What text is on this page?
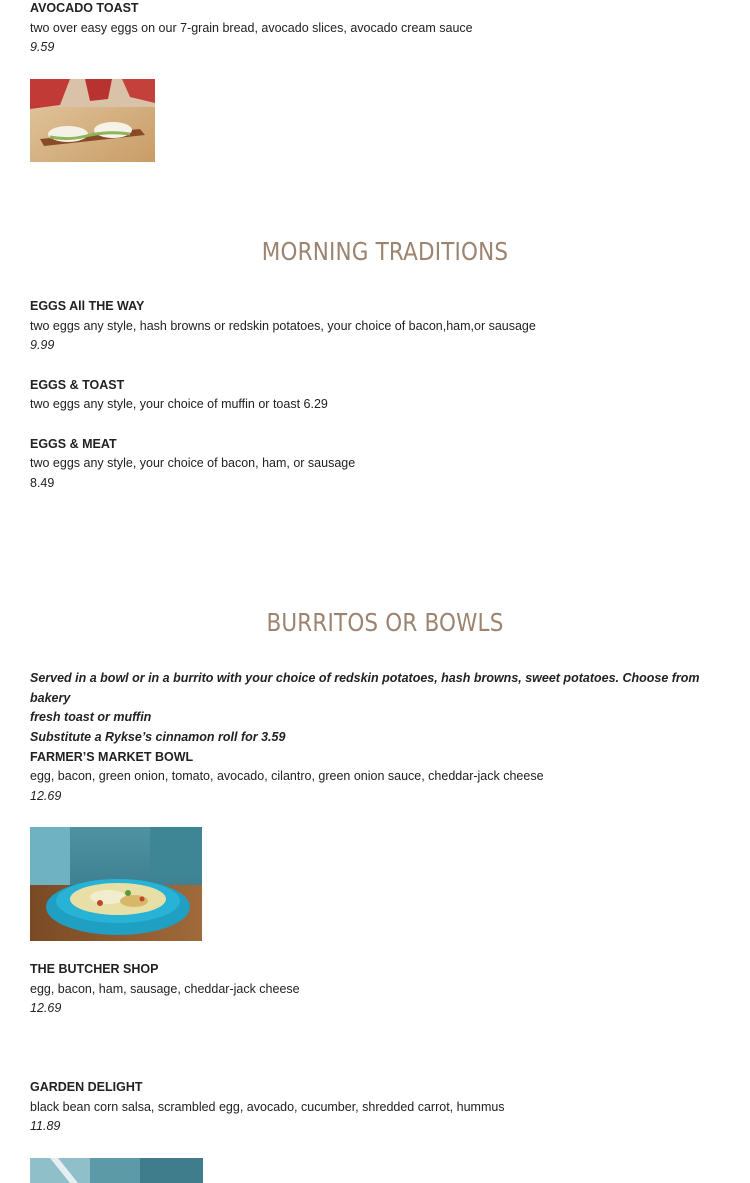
AVOCADO TOAST
two over easy eggs on our 7-grain bread, avocado slices, avocado cream sauce
9.59
MORNING TRADITIONS
EGGS All THE WAY
two eggs any style, hash browns or redskin potatoes, your choice of bacon,ham,or sausage
9.99
EGGS & TOAST
two eggs any style, your choice of muffin or toast 6.29
EGGS & MEAT
two eggs any style, your choice of bacon, ham, or sausage
8.49
BURRITOS OR BOWLS
Served in a bowl or in a burrito with your choice of redskin potatoes, hash browns, sweet potatoes. Choose from bakery
fresh toast or muffin
Substitute a Rykse’s cinnamon roll for 3.59
FARMER’S MARKET BOWL
egg, bacon, green onion, tomato, avocado, cilantro, green onion sauce, cheddar-jack cheese
12.69
THE BUTCHER SHOP
egg, bacon, ham, sausage, cheddar-jack cheese
12.69
GARDEN DELIGHT
black bean corn salsa, scrambled egg, avocado, cucumber, shredded carrot, hummus
11.89
